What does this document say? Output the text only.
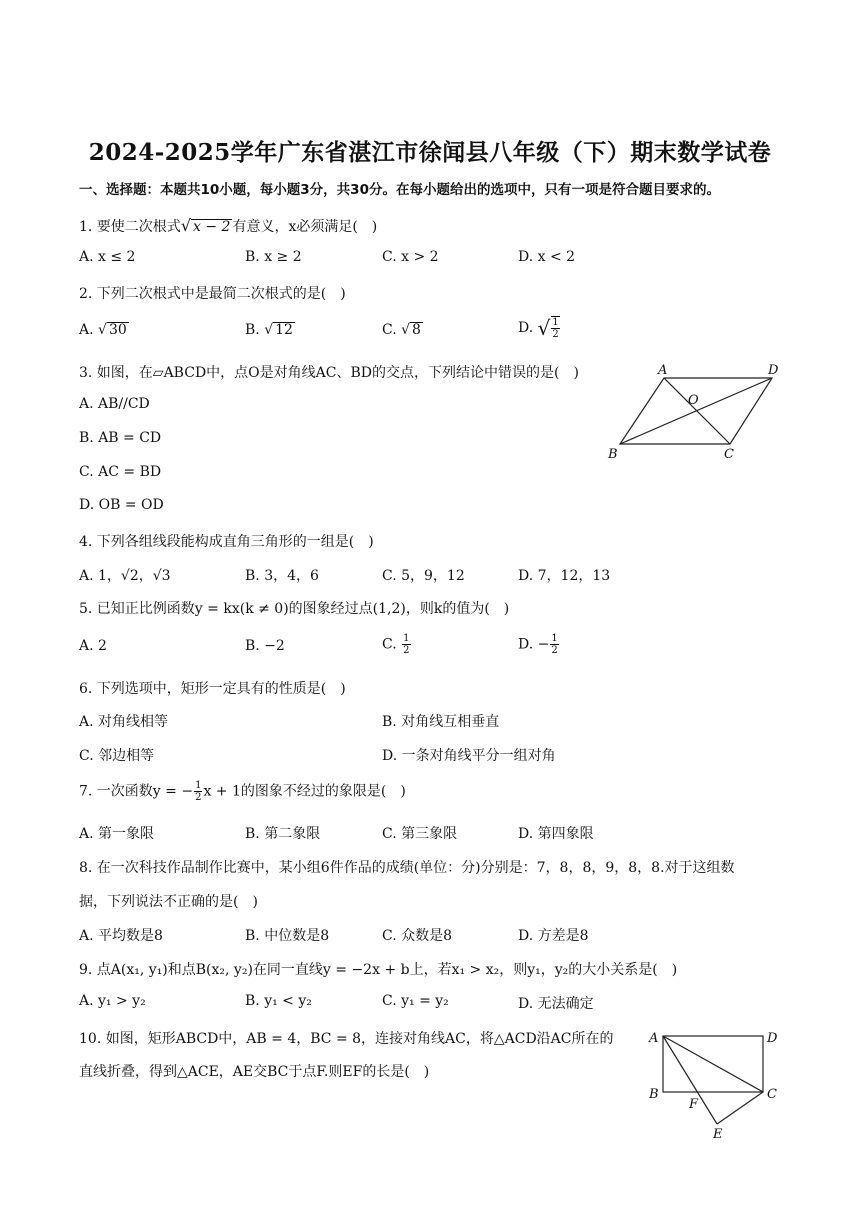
2024-2025学年广东省湛江市徐闻县八年级（下）期末数学试卷
一、选择题：本题共10小题，每小题3分，共30分。在每小题给出的选项中，只有一项是符合题目要求的。
1. 要使二次根式√ x − 2 有意义，x必须满足(　)
A. x ≤ 2	B. x ≥ 2	C. x > 2	D. x < 2
2. 下列二次根式中是最简二次根式的是(　)
A. √ 30	B. √ 12	C. √ 8	D. √ $\frac{1}{2}$
3. 如图，在▱ABCD中，点O是对角线AC、BD的交点，下列结论中错误的是(　)
A. AB//CD
B. AB = CD
C. AC = BD
D. OB = OD
A	D
B	C
O
4. 下列各组线段能构成直角三角形的一组是(　)
A. 1，√2，√3	B. 3，4，6	C. 5，9，12	D. 7，12，13
5. 已知正比例函数y = kx(k ≠ 0)的图象经过点(1,2)，则k的值为(　)
A. 2	B. −2	C. $\frac{1}{2}$	D. − $\frac{1}{2}$
6. 下列选项中，矩形一定具有的性质是(　)
A. 对角线相等	B. 对角线互相垂直
C. 邻边相等	D. 一条对角线平分一组对角
7. 一次函数y = − $\frac{1}{2}$ x + 1的图象不经过的象限是(　)
A. 第一象限	B. 第二象限	C. 第三象限	D. 第四象限
8. 在一次科技作品制作比赛中，某小组6件作品的成绩(单位：分)分别是：7，8，8，9，8，8.对于这组数
据，下列说法不正确的是(　)
A. 平均数是8	B. 中位数是8	C. 众数是8	D. 方差是8
9. 点A(x₁, y₁)和点B(x₂, y₂)在同一直线y = −2x + b上，若x₁ > x₂，则y₁，y₂的大小关系是(　)
A. y₁ > y₂	B. y₁ < y₂	C. y₁ = y₂	D. 无法确定
10. 如图，矩形ABCD中，AB = 4，BC = 8，连接对角线AC，将△ACD沿AC所在的
直线折叠，得到△ACE，AE交BC于点F.则EF的长是(　)
A	D
B	C
F
E
